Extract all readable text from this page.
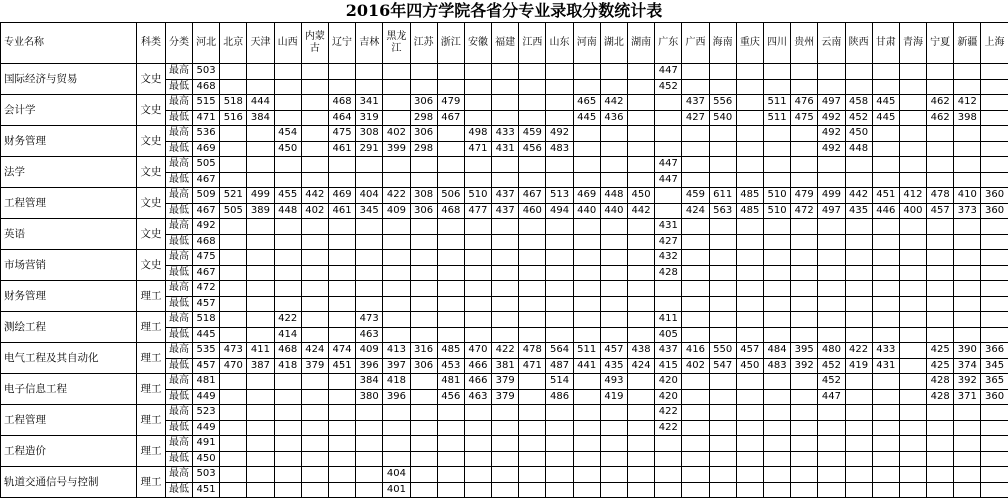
2016年四方学院各省分专业录取分数统计表
专业名称	科类	分类	河北	北京	天津	山西	内蒙古	辽宁	吉林	黑龙江	江苏	浙江	安徽	福建	江西	山东	河南	湖北	湖南	广东	广西	海南	重庆	四川	贵州	云南	陕西	甘肃	青海	宁夏	新疆	上海
国际经济与贸易	文史	最高	503																	447												
		最低	468																	452												
会计学	文史	最高	515	518	444			468	341		306	479					465	442			437	556		511	476	497	458	445		462	412	
		最低	471	516	384			464	319		298	467					445	436			427	540		511	475	492	452	445		462	398	
财务管理	文史	最高	536			454		475	308	402	306		498	433	459	492										492	450					
		最低	469			450		461	291	399	298		471	431	456	483										492	448					
法学	文史	最高	505																	447												
		最低	467																	447												
工程管理	文史	最高	509	521	499	455	442	469	404	422	308	506	510	437	467	513	469	448	450		459	611	485	510	479	499	442	451	412	478	410	360
		最低	467	505	389	448	402	461	345	409	306	468	477	437	460	494	440	440	442		424	563	485	510	472	497	435	446	400	457	373	360
英语	文史	最高	492																	431												
		最低	468																	427												
市场营销	文史	最高	475																	432												
		最低	467																	428												
财务管理	理工	最高	472																													
		最低	457																													
测绘工程	理工	最高	518			422			473											411												
		最低	445			414			463											405												
电气工程及其自动化	理工	最高	535	473	411	468	424	474	409	413	316	485	470	422	478	564	511	457	438	437	416	550	457	484	395	480	422	433		425	390	366
		最低	457	470	387	418	379	451	396	397	306	453	466	381	471	487	441	435	424	415	402	547	450	483	392	452	419	431		425	374	345
电子信息工程	理工	最高	481						384	418		481	466	379		514		493		420						452				428	392	365
		最低	449						380	396		456	463	379		486		419		420						447				428	371	360
工程管理	理工	最高	523																	422												
		最低	449																	422												
工程造价	理工	最高	491																													
		最低	450																													
轨道交通信号与控制	理工	最高	503							404																						
		最低	451							401																						
